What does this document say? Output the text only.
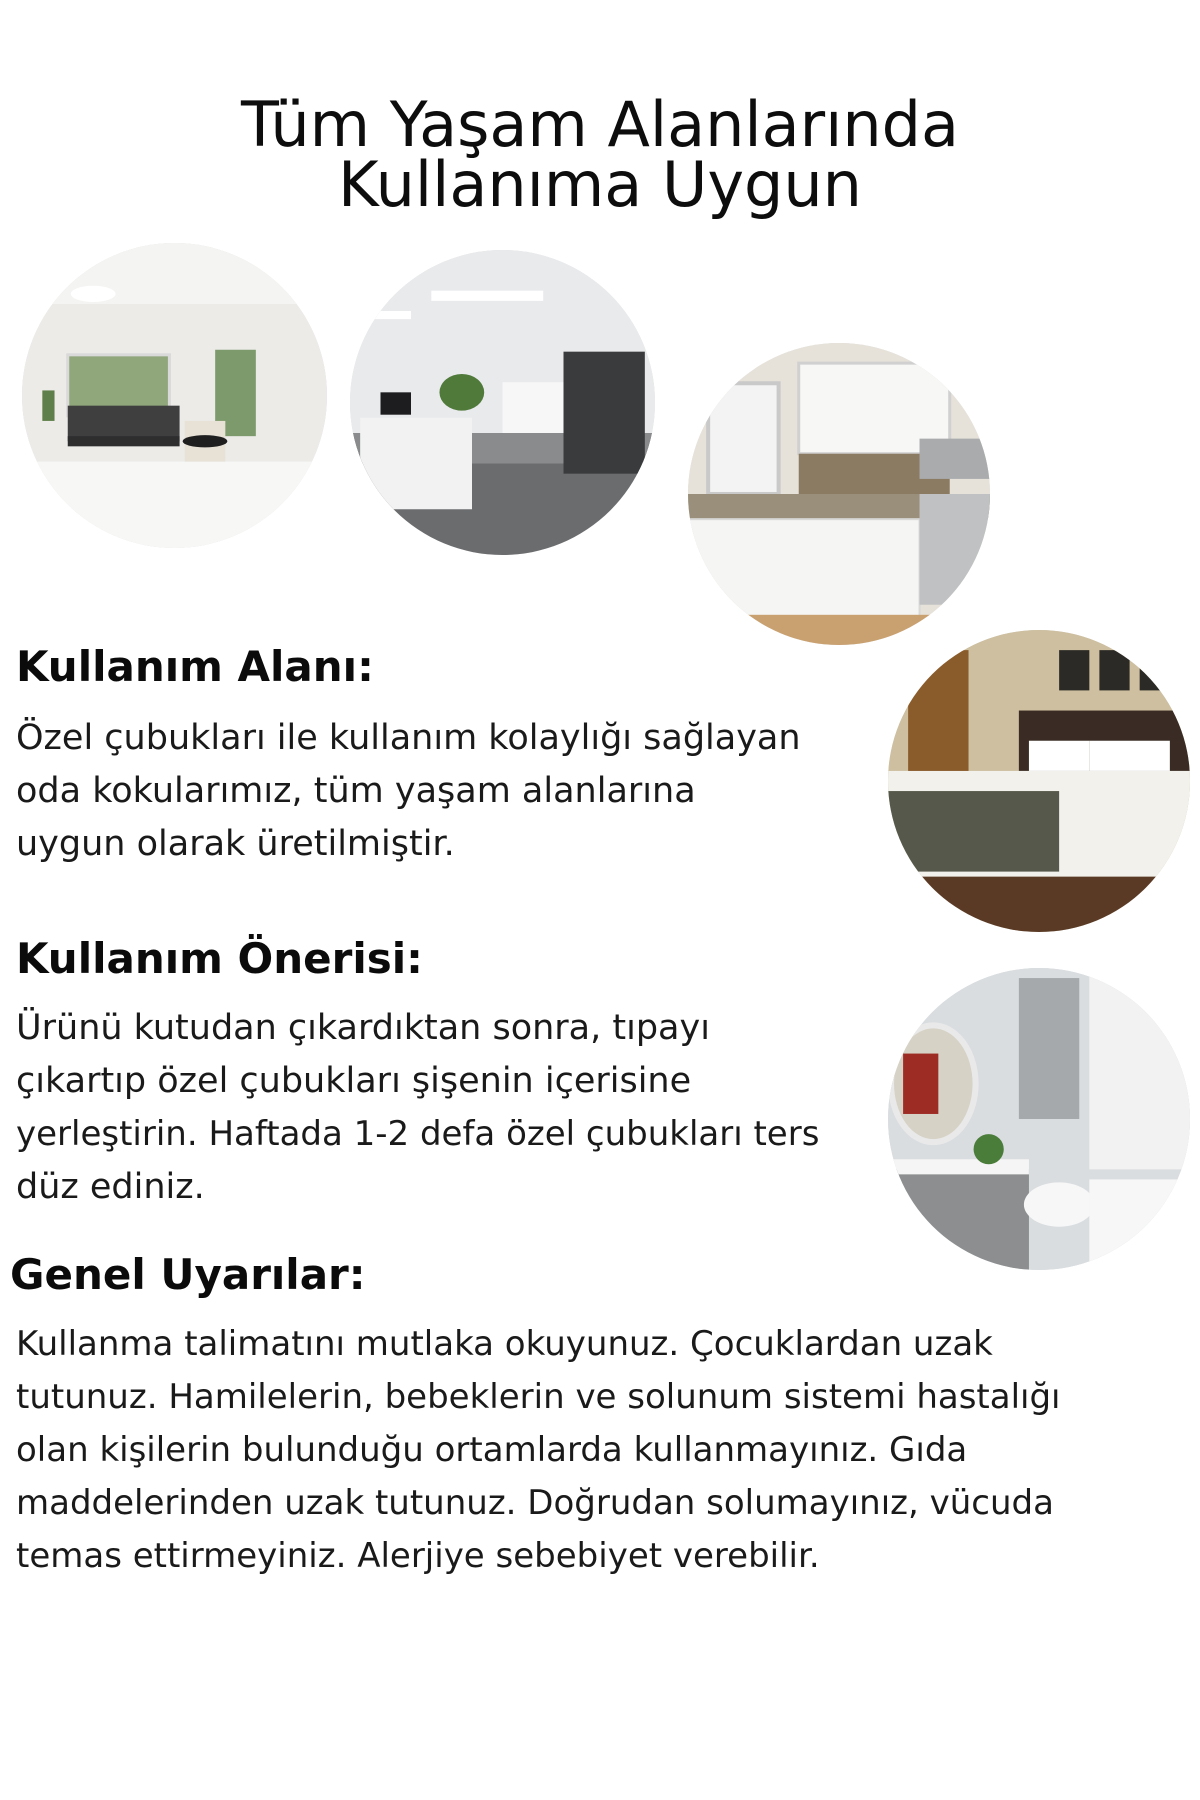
Tüm Yaşam Alanlarında
Kullanıma Uygun
Kullanım Alanı:

Özel çubukları ile kullanım kolaylığı sağlayan
oda kokularımız, tüm yaşam alanlarına
uygun olarak üretilmiştir.

Kullanım Önerisi:

Ürünü kutudan çıkardıktan sonra, tıpayı
çıkartıp özel çubukları şişenin içerisine
yerleştirin. Haftada 1-2 defa özel çubukları ters
düz ediniz.

Genel Uyarılar:

Kullanma talimatını mutlaka okuyunuz. Çocuklardan uzak
tutunuz. Hamilelerin, bebeklerin ve solunum sistemi hastalığı
olan kişilerin bulunduğu ortamlarda kullanmayınız. Gıda
maddelerinden uzak tutunuz. Doğrudan solumayınız, vücuda
temas ettirmeyiniz. Alerjiye sebebiyet verebilir.
